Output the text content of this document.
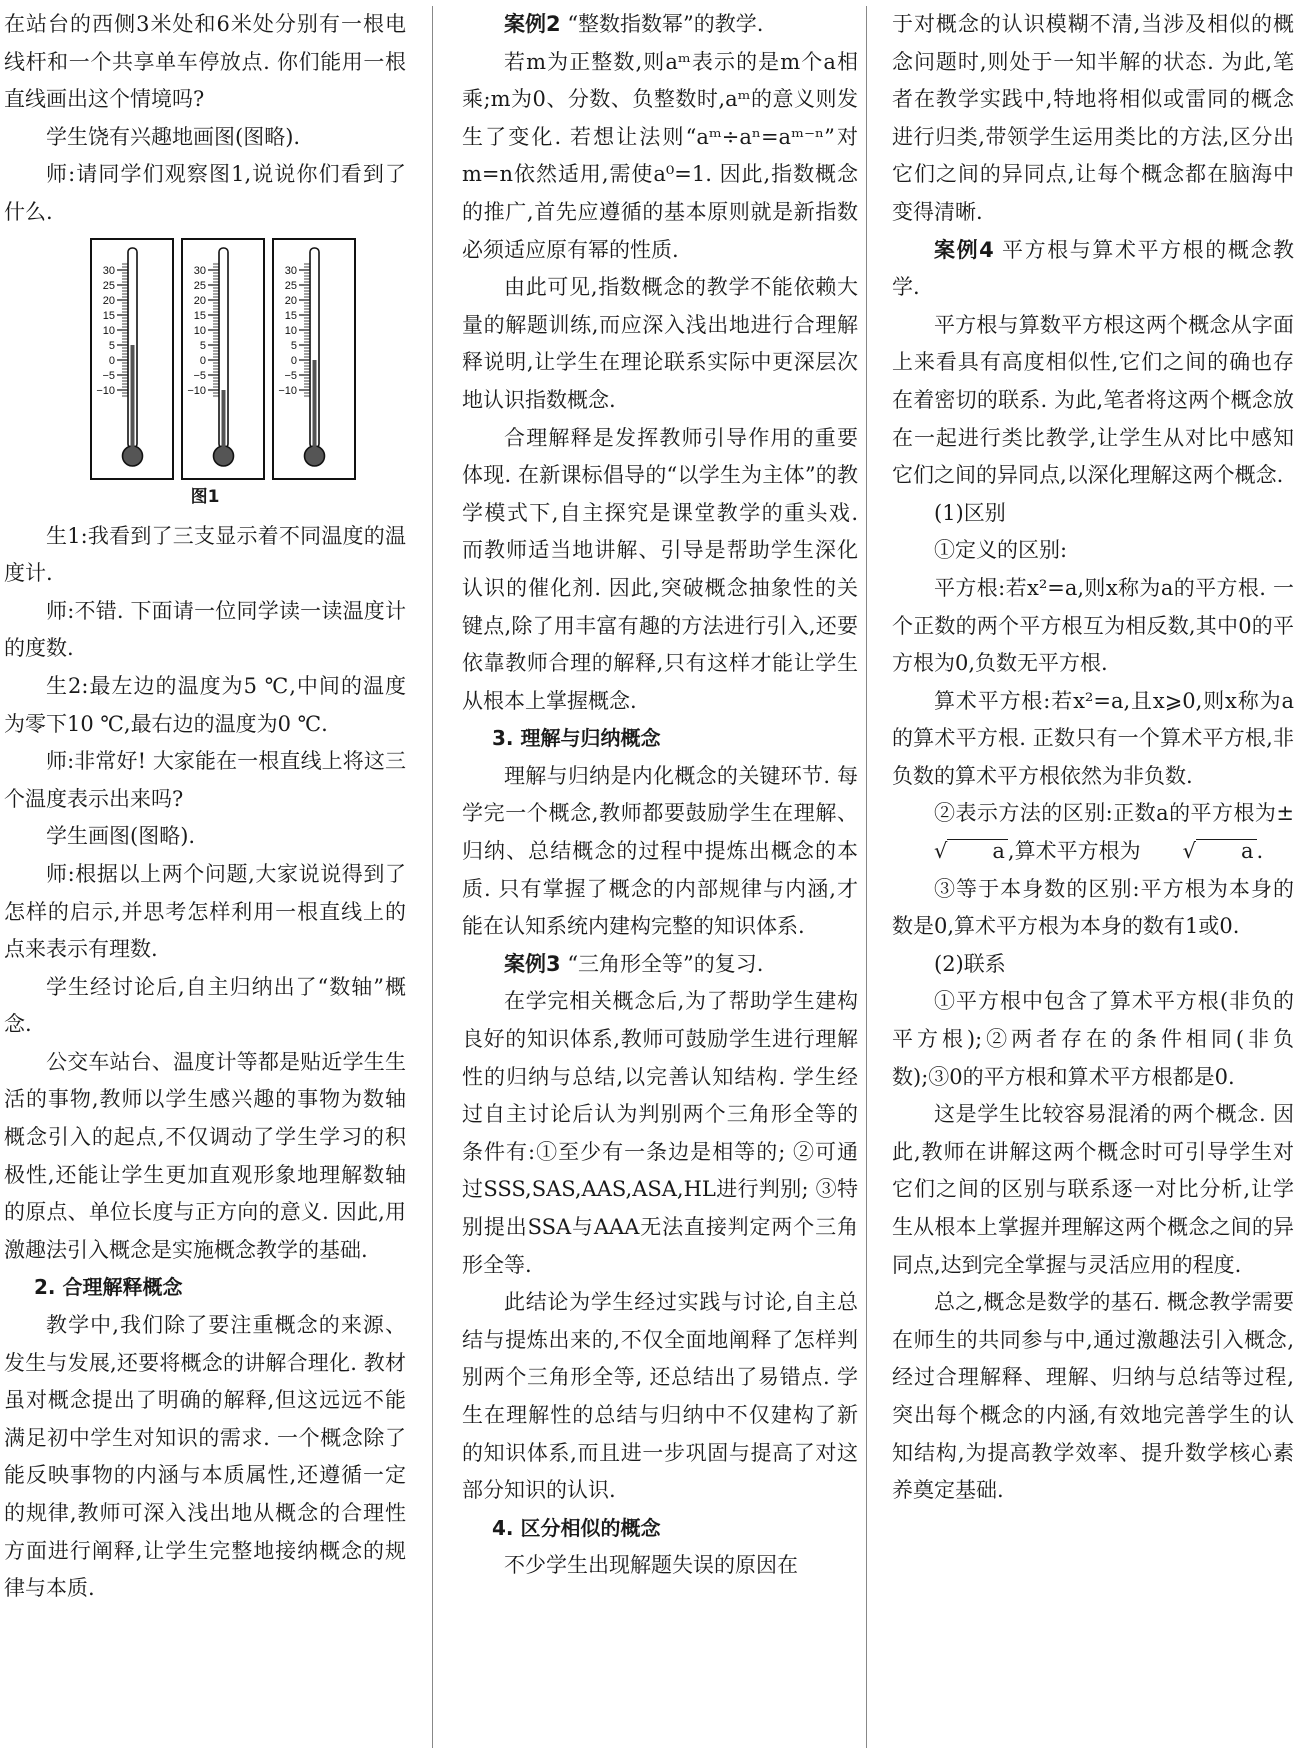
在站台的西侧3米处和6米处分别有一根电线杆和一个共享单车停放点. 你们能用一根直线画出这个情境吗?

学生饶有兴趣地画图(图略).

师:请同学们观察图1,说说你们看到了什么.

30
25
20
15
10
5
0
−5
−10
30
25
20
15
10
5
0
−5
−10
30
25
20
15
10
5
0
−5
−10
图1

生1:我看到了三支显示着不同温度的温度计.

师:不错. 下面请一位同学读一读温度计的度数.

生2:最左边的温度为5 ℃,中间的温度为零下10 ℃,最右边的温度为0 ℃.

师:非常好! 大家能在一根直线上将这三个温度表示出来吗?

学生画图(图略).

师:根据以上两个问题,大家说说得到了怎样的启示,并思考怎样利用一根直线上的点来表示有理数.

学生经讨论后,自主归纳出了“数轴”概念.

公交车站台、温度计等都是贴近学生生活的事物,教师以学生感兴趣的事物为数轴概念引入的起点,不仅调动了学生学习的积极性,还能让学生更加直观形象地理解数轴的原点、单位长度与正方向的意义. 因此,用激趣法引入概念是实施概念教学的基础.

2. 合理解释概念

教学中,我们除了要注重概念的来源、发生与发展,还要将概念的讲解合理化. 教材虽对概念提出了明确的解释,但这远远不能满足初中学生对知识的需求. 一个概念除了能反映事物的内涵与本质属性,还遵循一定的规律,教师可深入浅出地从概念的合理性方面进行阐释,让学生完整地接纳概念的规律与本质.

案例2 “整数指数幂”的教学.

若m为正整数,则aᵐ表示的是m个a相乘;m为0、分数、负整数时,aᵐ的意义则发生了变化. 若想让法则“aᵐ÷aⁿ=aᵐ⁻ⁿ”对m=n依然适用,需使a⁰=1. 因此,指数概念的推广,首先应遵循的基本原则就是新指数必须适应原有幂的性质.

由此可见,指数概念的教学不能依赖大量的解题训练,而应深入浅出地进行合理解释说明,让学生在理论联系实际中更深层次地认识指数概念.

合理解释是发挥教师引导作用的重要体现. 在新课标倡导的“以学生为主体”的教学模式下,自主探究是课堂教学的重头戏. 而教师适当地讲解、引导是帮助学生深化认识的催化剂. 因此,突破概念抽象性的关键点,除了用丰富有趣的方法进行引入,还要依靠教师合理的解释,只有这样才能让学生从根本上掌握概念.

3. 理解与归纳概念

理解与归纳是内化概念的关键环节. 每学完一个概念,教师都要鼓励学生在理解、归纳、总结概念的过程中提炼出概念的本质. 只有掌握了概念的内部规律与内涵,才能在认知系统内建构完整的知识体系.

案例3 “三角形全等”的复习.

在学完相关概念后,为了帮助学生建构良好的知识体系,教师可鼓励学生进行理解性的归纳与总结,以完善认知结构. 学生经过自主讨论后认为判别两个三角形全等的条件有:①至少有一条边是相等的; ②可通过SSS,SAS,AAS,ASA,HL进行判别; ③特别提出SSA与AAA无法直接判定两个三角形全等.

此结论为学生经过实践与讨论,自主总结与提炼出来的,不仅全面地阐释了怎样判别两个三角形全等, 还总结出了易错点. 学生在理解性的总结与归纳中不仅建构了新的知识体系,而且进一步巩固与提高了对这部分知识的认识.

4. 区分相似的概念

不少学生出现解题失误的原因在

于对概念的认识模糊不清,当涉及相似的概念问题时,则处于一知半解的状态. 为此,笔者在教学实践中,特地将相似或雷同的概念进行归类,带领学生运用类比的方法,区分出它们之间的异同点,让每个概念都在脑海中变得清晰.

案例4 平方根与算术平方根的概念教学.

平方根与算数平方根这两个概念从字面上来看具有高度相似性,它们之间的确也存在着密切的联系. 为此,笔者将这两个概念放在一起进行类比教学,让学生从对比中感知它们之间的异同点,以深化理解这两个概念.

(1)区别

①定义的区别:

平方根:若x²=a,则x称为a的平方根. 一个正数的两个平方根互为相反数,其中0的平方根为0,负数无平方根.

算术平方根:若x²=a,且x⩾0,则x称为a的算术平方根. 正数只有一个算术平方根,非负数的算术平方根依然为非负数.

②表示方法的区别:正数a的平方根为±√ a ,算术平方根为 √ a .

③等于本身数的区别:平方根为本身的数是0,算术平方根为本身的数有1或0.

(2)联系

①平方根中包含了算术平方根(非负的平方根);②两者存在的条件相同(非负数);③0的平方根和算术平方根都是0.

这是学生比较容易混淆的两个概念. 因此,教师在讲解这两个概念时可引导学生对它们之间的区别与联系逐一对比分析,让学生从根本上掌握并理解这两个概念之间的异同点,达到完全掌握与灵活应用的程度.

总之,概念是数学的基石. 概念教学需要在师生的共同参与中,通过激趣法引入概念,经过合理解释、理解、归纳与总结等过程, 突出每个概念的内涵,有效地完善学生的认知结构,为提高教学效率、提升数学核心素养奠定基础.
